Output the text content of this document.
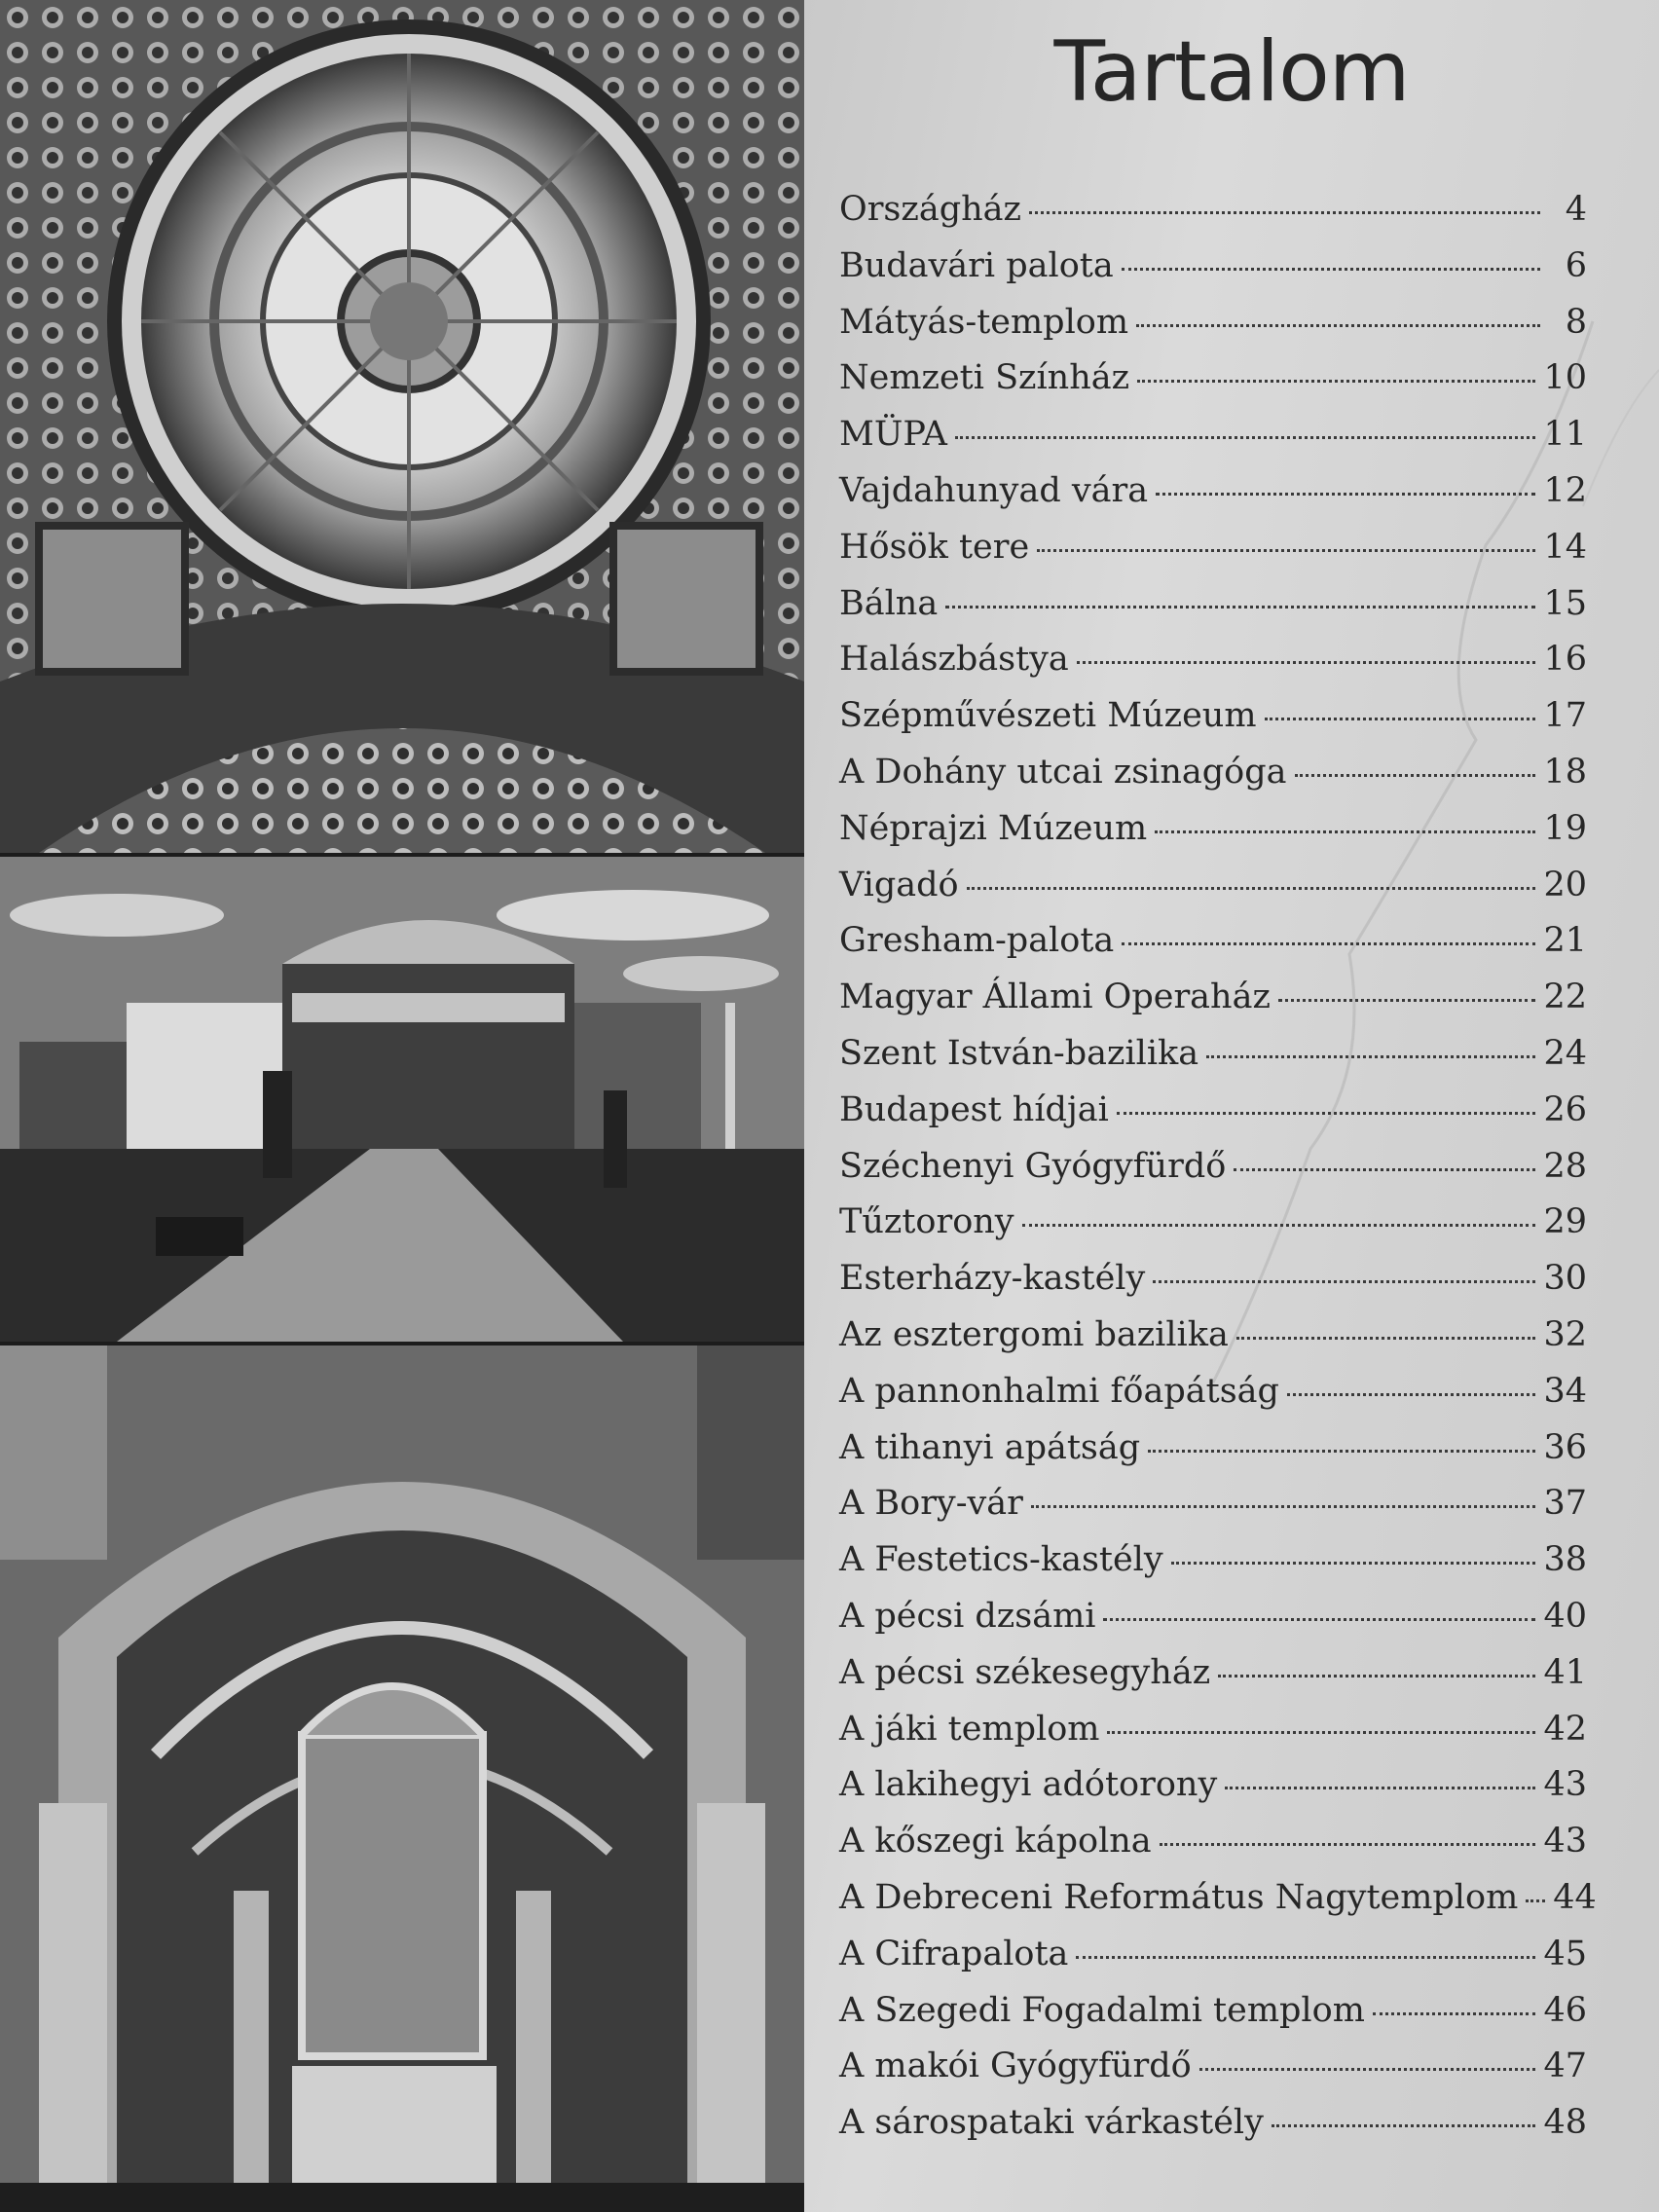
Tartalom
Országház	4
Budavári palota	6
Mátyás-templom	8
Nemzeti Színház	10
MÜPA	11
Vajdahunyad vára	12
Hősök tere	14
Bálna	15
Halászbástya	16
Szépművészeti Múzeum	17
A Dohány utcai zsinagóga	18
Néprajzi Múzeum	19
Vigadó	20
Gresham-palota	21
Magyar Állami Operaház	22
Szent István-bazilika	24
Budapest hídjai	26
Széchenyi Gyógyfürdő	28
Tűztorony	29
Esterházy-kastély	30
Az esztergomi bazilika	32
A pannonhalmi főapátság	34
A tihanyi apátság	36
A Bory-vár	37
A Festetics-kastély	38
A pécsi dzsámi	40
A pécsi székesegyház	41
A jáki templom	42
A lakihegyi adótorony	43
A kőszegi kápolna	43
A Debreceni Református Nagytemplom 44
A Cifrapalota	45
A Szegedi Fogadalmi templom	46
A makói Gyógyfürdő	47
A sárospataki várkastély	48
